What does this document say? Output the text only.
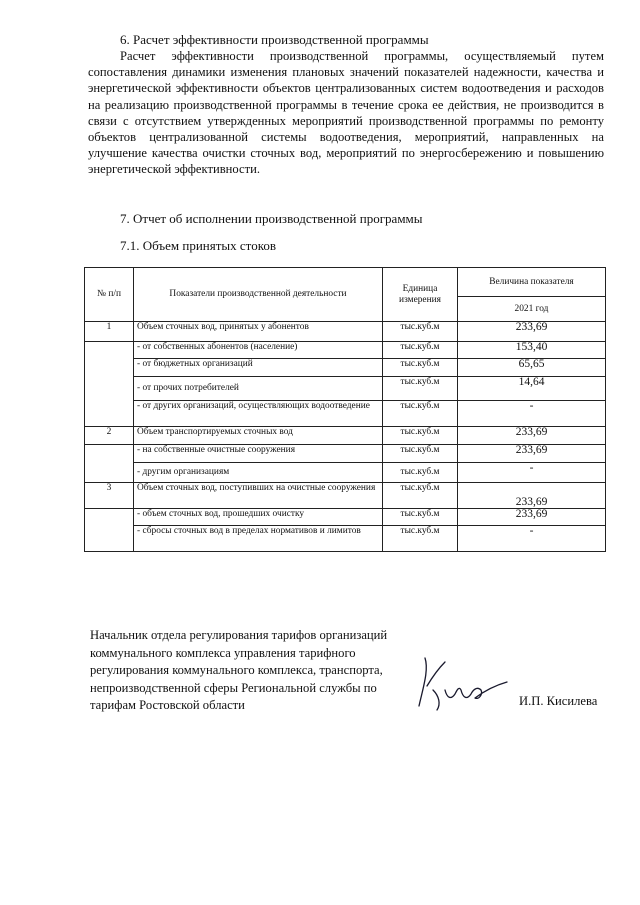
6. Расчет эффективности производственной программы

Расчет эффективности производственной программы, осуществляемый путем сопоставления динамики изменения плановых значений показателей надежности, качества и энергетической эффективности объектов централизованных систем водоотведения и расходов на реализацию производственной программы в течение срока ее действия, не производится в связи с отсутствием утвержденных мероприятий производственной программы по ремонту объектов централизованной системы водоотведения, мероприятий, направленных на улучшение качества очистки сточных вод, мероприятий по энергосбережению и повышению энергетической эффективности.

7. Отчет об исполнении производственной программы
7.1. Объем принятых стоков
№ п/п	Показатели производственной деятельности	Единица измерения	Величина показателя
			2021 год
1	Объем сточных вод, принятых у абонентов	тыс.куб.м	233,69
	- от собственных абонентов (население)	тыс.куб.м	153,40
	- от бюджетных организаций	тыс.куб.м	65,65
	- от прочих потребителей	тыс.куб.м	14,64
	- от других организаций, осуществляющих водоотведение	тыс.куб.м	-
2	Объем транспортируемых сточных вод	тыс.куб.м	233,69
	- на собственные очистные сооружения	тыс.куб.м	233,69
	- другим организациям	тыс.куб.м	-
3	Объем сточных вод, поступивших на очистные сооружения	тыс.куб.м	233,69
	- объем сточных вод, прошедших очистку	тыс.куб.м	233,69
	- сбросы сточных вод в пределах нормативов и лимитов	тыс.куб.м	-
Начальник отдела регулирования тарифов организаций
коммунального комплекса управления тарифного
регулирования коммунального комплекса, транспорта,
непроизводственной сферы Региональной службы по
тарифам Ростовской области	И.П. Кисилева
